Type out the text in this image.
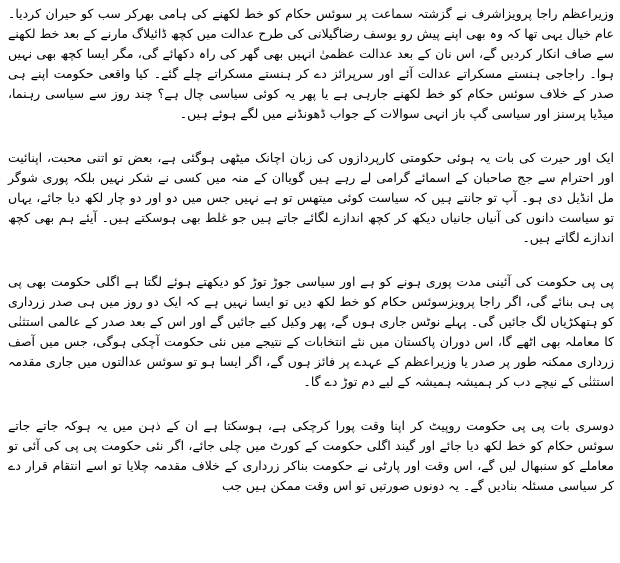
وزیراعظم راجا پرویزاشرف نے گزشتہ سماعت پر سوئس حکام کو خط لکھنے کی ہامی بھرکر سب کو حیران کردیا۔ عام خیال یہی تھا کہ وہ بھی اپنے پیش رو یوسف رضاگیلانی کی طرح عدالت میں کچھ ڈائیلاگ مارنے کے بعد خط لکھنے سے صاف انکار کردیں گے، اس نان کے بعد عدالت عظمیٰ انہیں بھی گھر کی راہ دکھائے گی، مگر ایسا کچھ بھی نہیں ہوا۔ راجاجی ہنستے مسکراتے عدالت آئے اور سرپرائز دے کر ہنستے مسکراتے چلے گئے۔ کیا واقعی حکومت اپنے ہی صدر کے خلاف سوئس حکام کو خط لکھنے جارہی ہے یا پھر یہ کوئی سیاسی چال ہے؟ چند روز سے سیاسی رہنما، میڈیا پرسنز اور سیاسی گپ باز انہی سوالات کے جواب ڈھونڈنے میں لگے ہوئے ہیں۔

ایک اور حیرت کی بات یہ ہوئی حکومتی کارپردازوں کی زبان اچانک میٹھی ہوگئی ہے، بعض تو اتنی محبت، اپنائیت اور احترام سے جج صاحبان کے اسمائے گرامی لے رہے ہیں گویاان کے منہ میں کسی نے شکر نہیں بلکہ پوری شوگر مل انڈیل دی ہو۔ آپ تو جانتے ہیں کہ سیاست کوئی میتھس تو ہے نہیں جس میں دو اور دو چار لکھ دیا جائے، یہاں تو سیاست دانوں کی آنیاں جانیاں دیکھ کر کچھ اندازے لگائے جاتے ہیں جو غلط بھی ہوسکتے ہیں۔ آیئے ہم بھی کچھ اندازے لگاتے ہیں۔

پی پی حکومت کی آئینی مدت پوری ہونے کو ہے اور سیاسی جوڑ توڑ کو دیکھتے ہوئے لگتا ہے اگلی حکومت بھی پی پی ہی بنائے گی، اگر راجا پرویزسوئس حکام کو خط لکھ دیں تو ایسا نہیں ہے کہ ایک دو روز میں ہی صدر زرداری کو ہتھکڑیاں لگ جائیں گی۔ پہلے نوٹس جاری ہوں گے، پھر وکیل کیے جائیں گے اور اس کے بعد صدر کے عالمی استثنٰی کا معاملہ بھی اٹھے گا، اس دوران پاکستان میں نئے انتخابات کے نتیجے میں نئی حکومت آچکی ہوگی، جس میں آصف زرداری ممکنہ طور پر صدر یا وزیراعظم کے عہدے پر فائز ہوں گے، اگر ایسا ہو تو سوئس عدالتوں میں جاری مقدمہ استثنٰی کے نیچے دب کر ہمیشہ ہمیشہ کے لیے دم توڑ دے گا۔

دوسری بات پی پی حکومت روپیٹ کر اپنا وقت پورا کرچکی ہے، ہوسکتا ہے ان کے ذہن میں یہ ہوکہ جاتے جاتے سوئس حکام کو خط لکھ دیا جائے اور گیند اگلی حکومت کے کورٹ میں چلی جائے، اگر نئی حکومت پی پی کی آئی تو معاملے کو سنبھال لیں گے، اس وقت اور پارٹی نے حکومت بناکر زرداری کے خلاف مقدمہ چلایا تو اسے انتقام قرار دے کر سیاسی مسئلہ بنادیں گے۔ یہ دونوں صورتیں تو اس وقت ممکن ہیں جب
